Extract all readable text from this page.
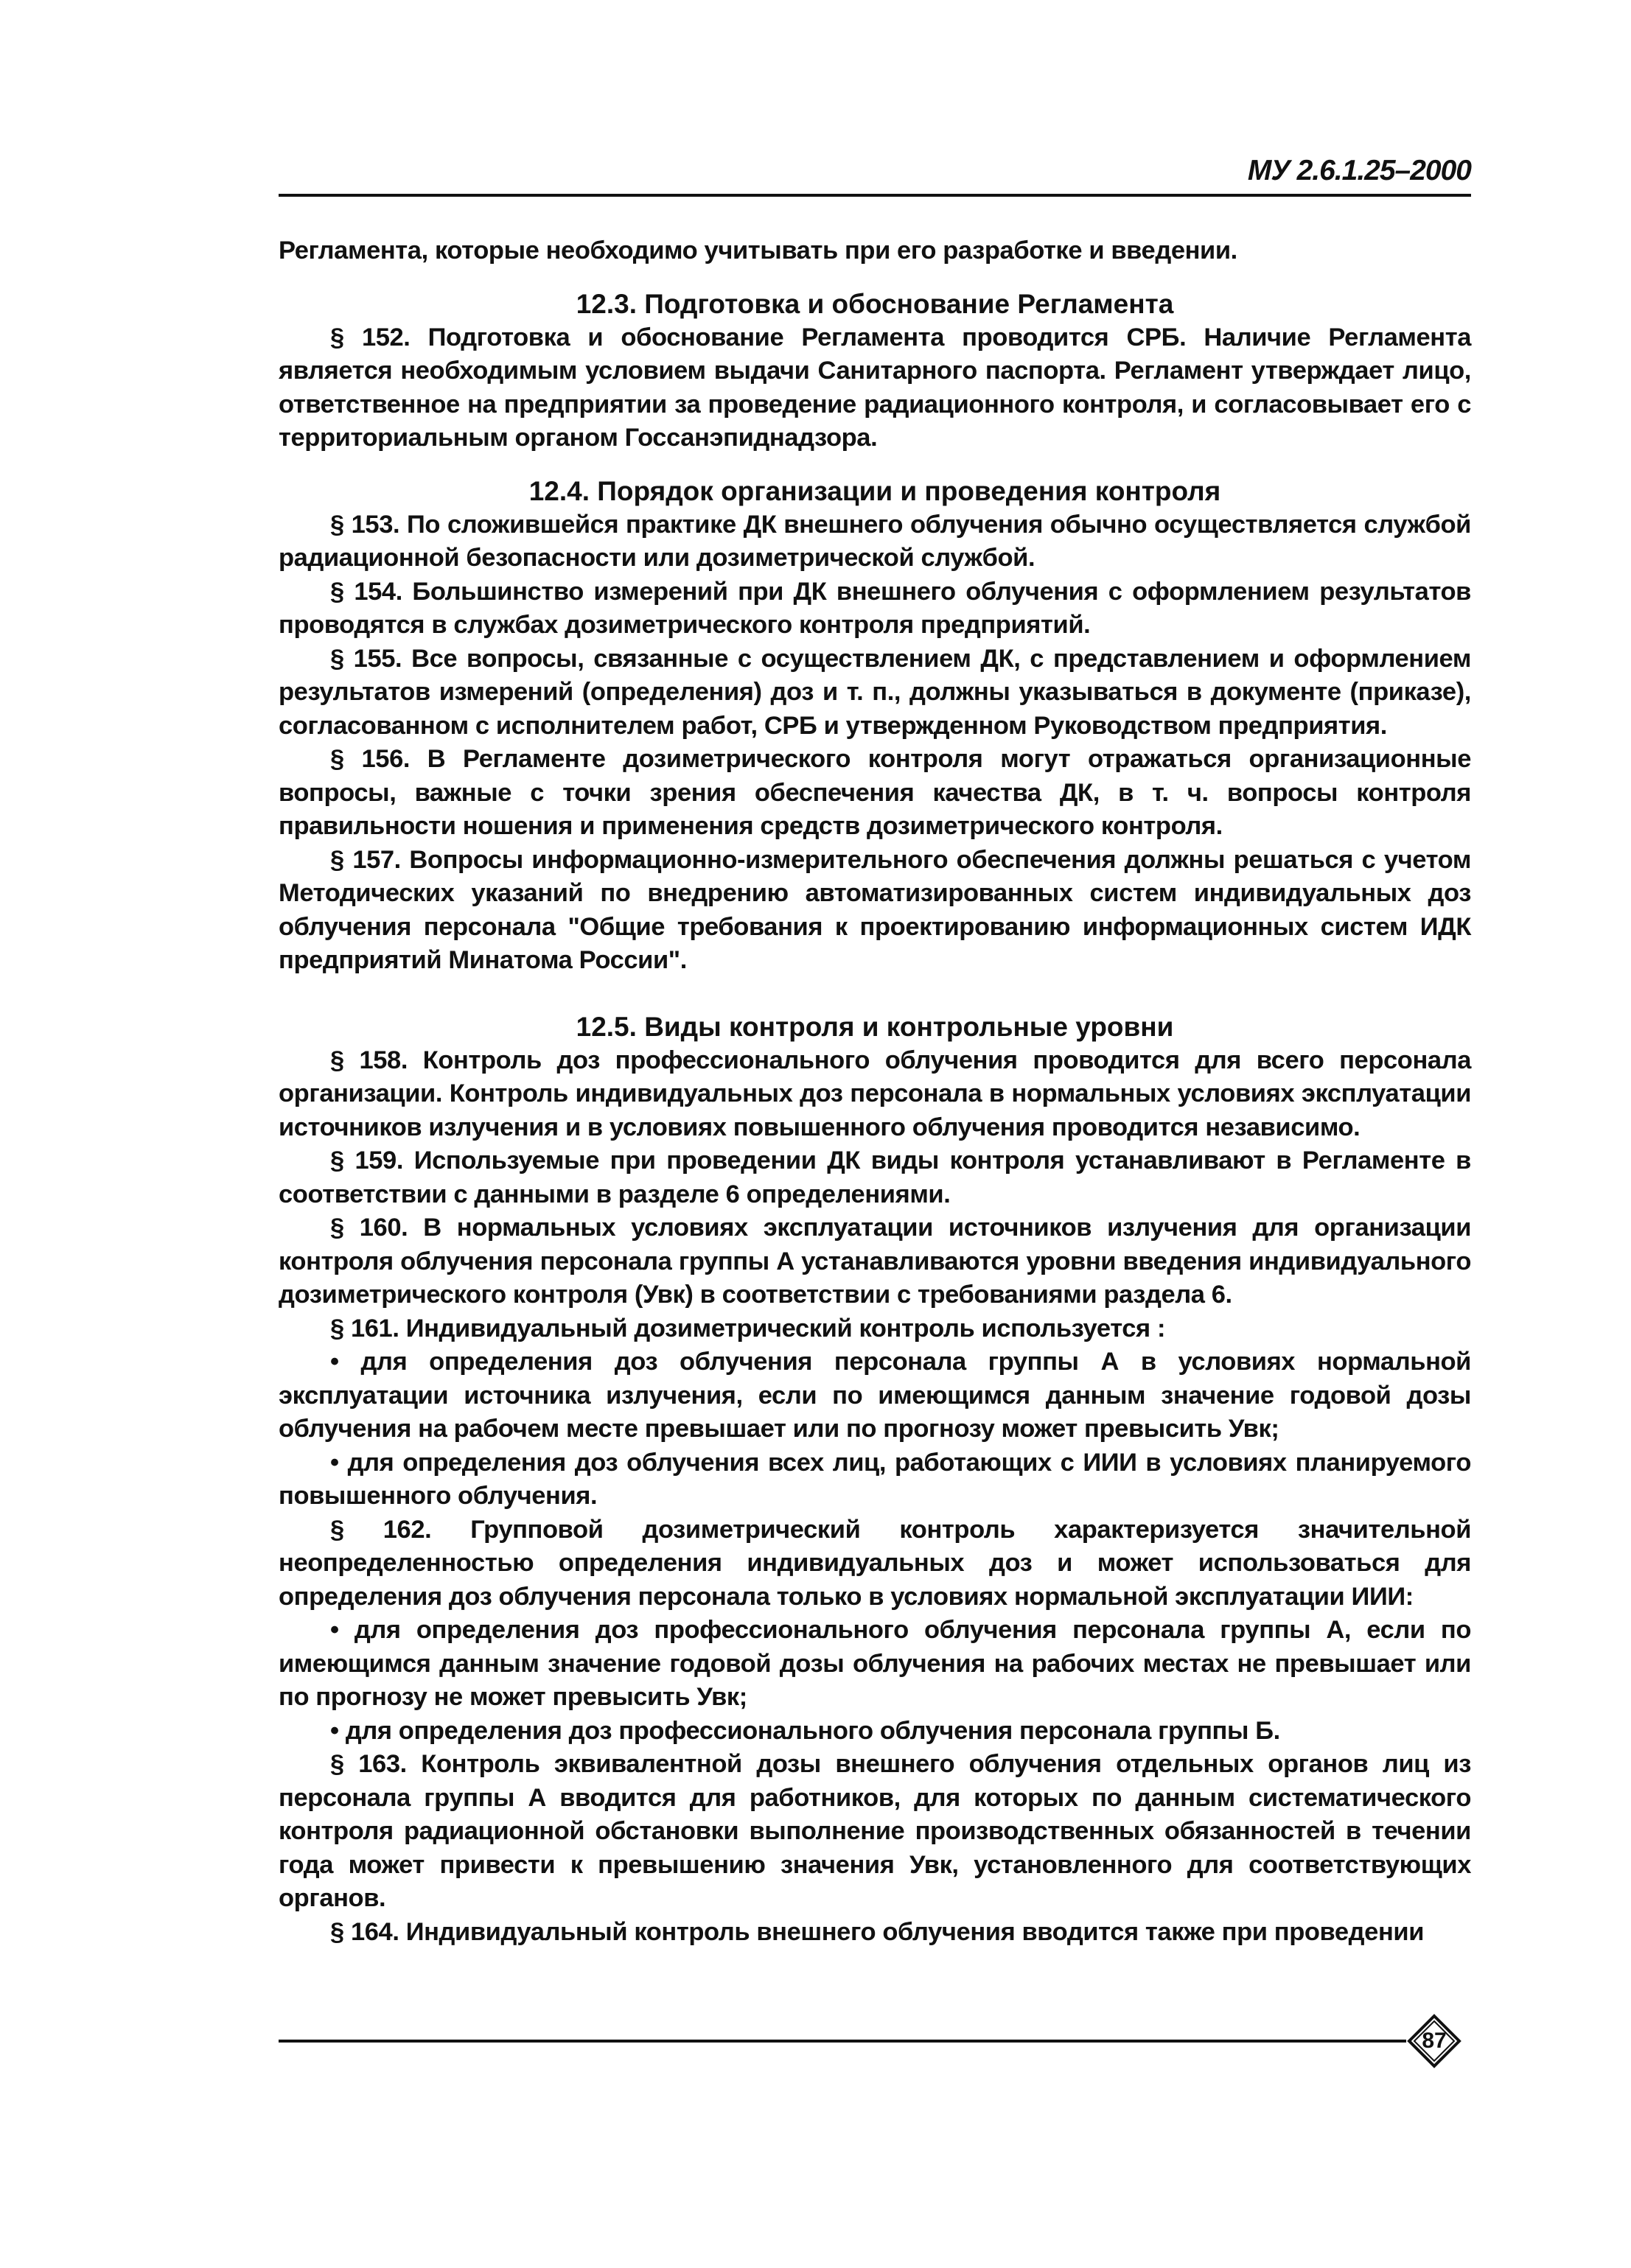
МУ 2.6.1.25–2000

Регламента, которые необходимо учитывать при его разработке и введении.

12.3. Подготовка и обоснование Регламента

§ 152. Подготовка и обоснование Регламента проводится СРБ. Наличие Регламента является необходимым условием выдачи Санитарного паспорта. Регламент утверждает лицо, ответственное на предприятии за проведение радиационного контроля, и согласовывает его с территориальным органом Госсанэпиднадзора.

12.4. Порядок организации и проведения контроля

§ 153. По сложившейся практике ДК внешнего облучения обычно осуществляется службой радиационной безопасности или дозиметрической службой.

§ 154. Большинство измерений при ДК внешнего облучения с оформлением результатов проводятся в службах дозиметрического контроля предприятий.

§ 155. Все вопросы, связанные с осуществлением ДК, с представлением и оформлением результатов измерений (определения) доз и т. п., должны указываться в документе (приказе), согласованном с исполнителем работ, СРБ и утвержденном Руководством предприятия.

§ 156. В Регламенте дозиметрического контроля могут отражаться организационные вопросы, важные с точки зрения обеспечения качества ДК, в т. ч. вопросы контроля правильности ношения и применения средств дозиметрического контроля.

§ 157. Вопросы информационно-измерительного обеспечения должны решаться с учетом Методических указаний по внедрению автоматизированных систем индивидуальных доз облучения персонала "Общие требования к проектированию информационных систем ИДК предприятий Минатома России".

12.5. Виды контроля и контрольные уровни

§ 158. Контроль доз профессионального облучения проводится для всего персонала организации. Контроль индивидуальных доз персонала в нормальных условиях эксплуатации источников излучения и в условиях повышенного облучения проводится независимо.

§ 159. Используемые при проведении ДК виды контроля устанавливают в Регламенте в соответствии с данными в разделе 6 определениями.

§ 160. В нормальных условиях эксплуатации источников излучения для организации контроля облучения персонала группы А устанавливаются уровни введения индивидуального дозиметрического контроля (Увк) в соответствии с требованиями раздела 6.

§ 161. Индивидуальный дозиметрический контроль используется :

• для определения доз облучения персонала группы А в условиях нормальной эксплуатации источника излучения, если по имеющимся данным значение годовой дозы облучения на рабочем месте превышает или по прогнозу может превысить Увк;

• для определения доз облучения всех лиц, работающих с ИИИ в условиях планируемого повышенного облучения.

§ 162. Групповой дозиметрический контроль характеризуется значительной неопределенностью определения индивидуальных доз и может использоваться для определения доз облучения персонала только в условиях нормальной эксплуатации ИИИ:

• для определения доз профессионального облучения персонала группы А, если по имеющимся данным значение годовой дозы облучения на рабочих местах не превышает или по прогнозу не может превысить Увк;

• для определения доз профессионального облучения персонала группы Б.

§ 163. Контроль эквивалентной дозы внешнего облучения отдельных органов лиц из персонала группы А вводится для работников, для которых по данным систематического контроля радиационной обстановки выполнение производственных обязанностей в течении года может привести к превышению значения Увк, установленного для соответствующих органов.

§ 164. Индивидуальный контроль внешнего облучения вводится также при проведении

87
